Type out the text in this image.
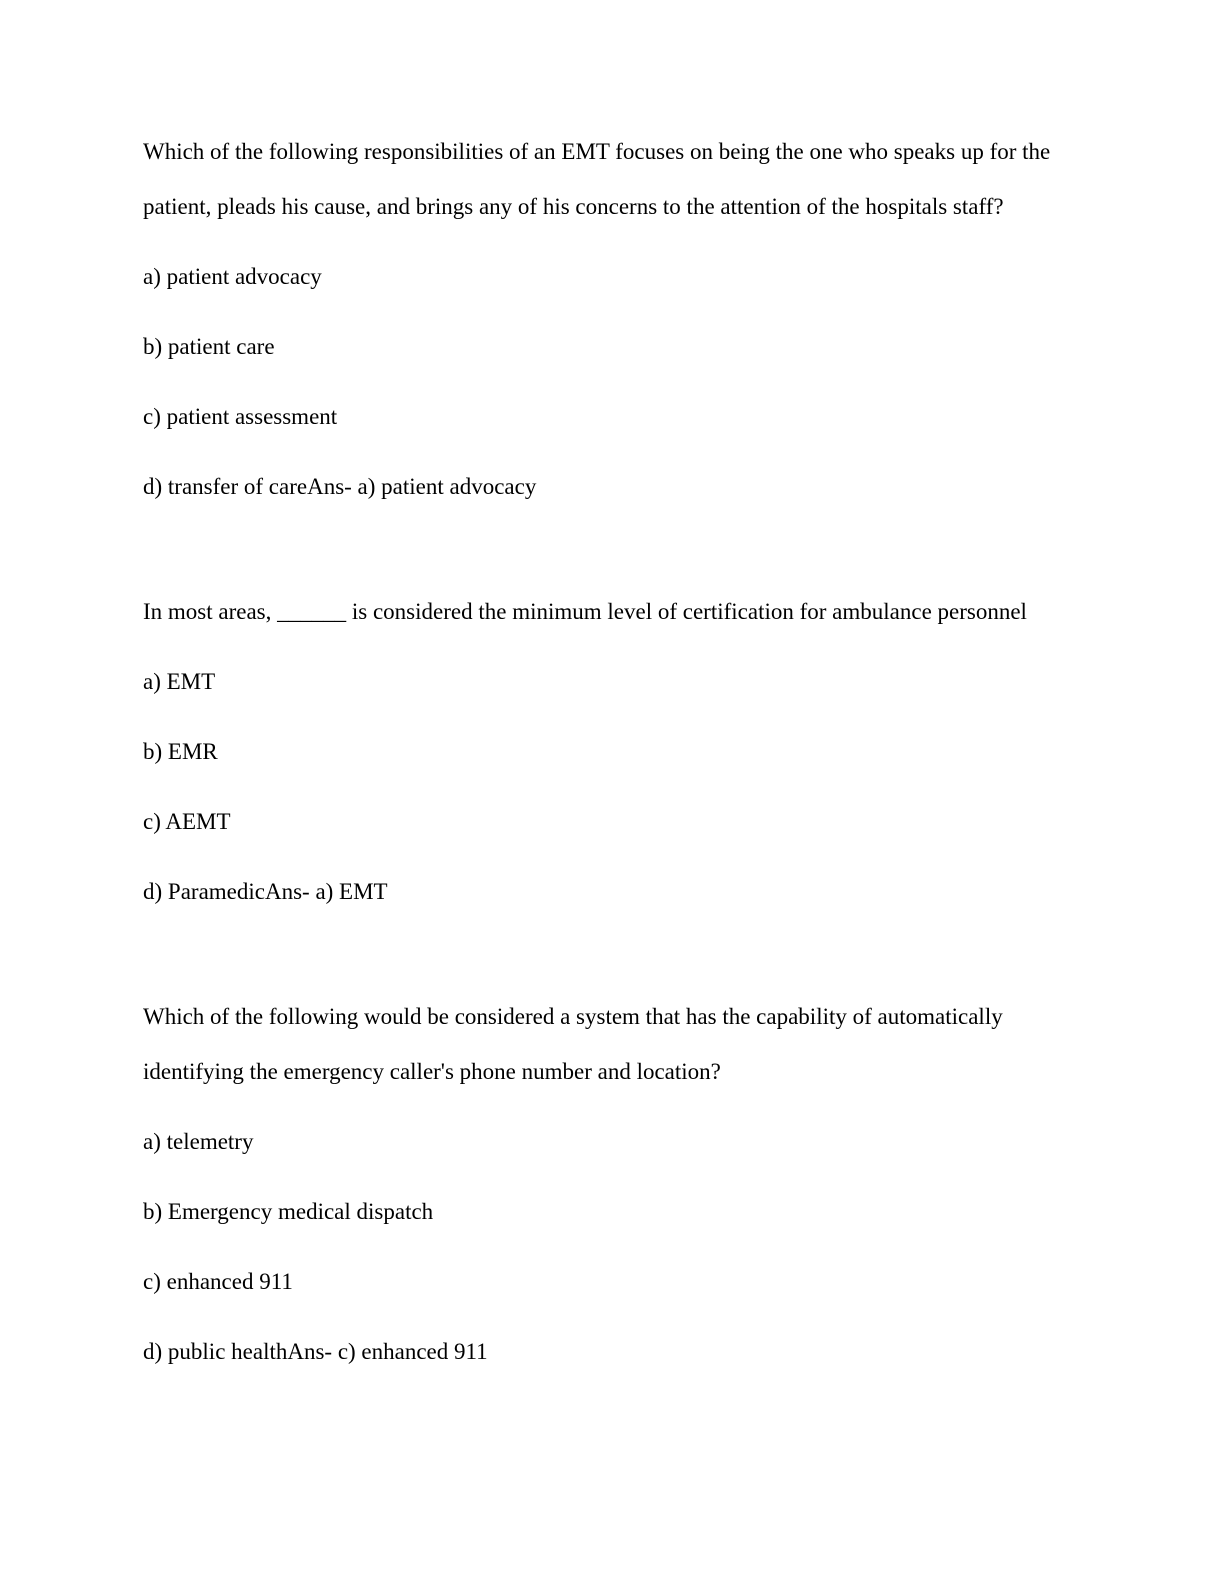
Which of the following responsibilities of an EMT focuses on being the one who speaks up for the patient, pleads his cause, and brings any of his concerns to the attention of the hospitals staff?

a) patient advocacy

b) patient care

c) patient assessment

d) transfer of careAns- a) patient advocacy

In most areas, ______ is considered the minimum level of certification for ambulance personnel

a) EMT

b) EMR

c) AEMT

d) ParamedicAns- a) EMT

Which of the following would be considered a system that has the capability of automatically identifying the emergency caller's phone number and location?

a) telemetry

b) Emergency medical dispatch

c) enhanced 911

d) public healthAns- c) enhanced 911
